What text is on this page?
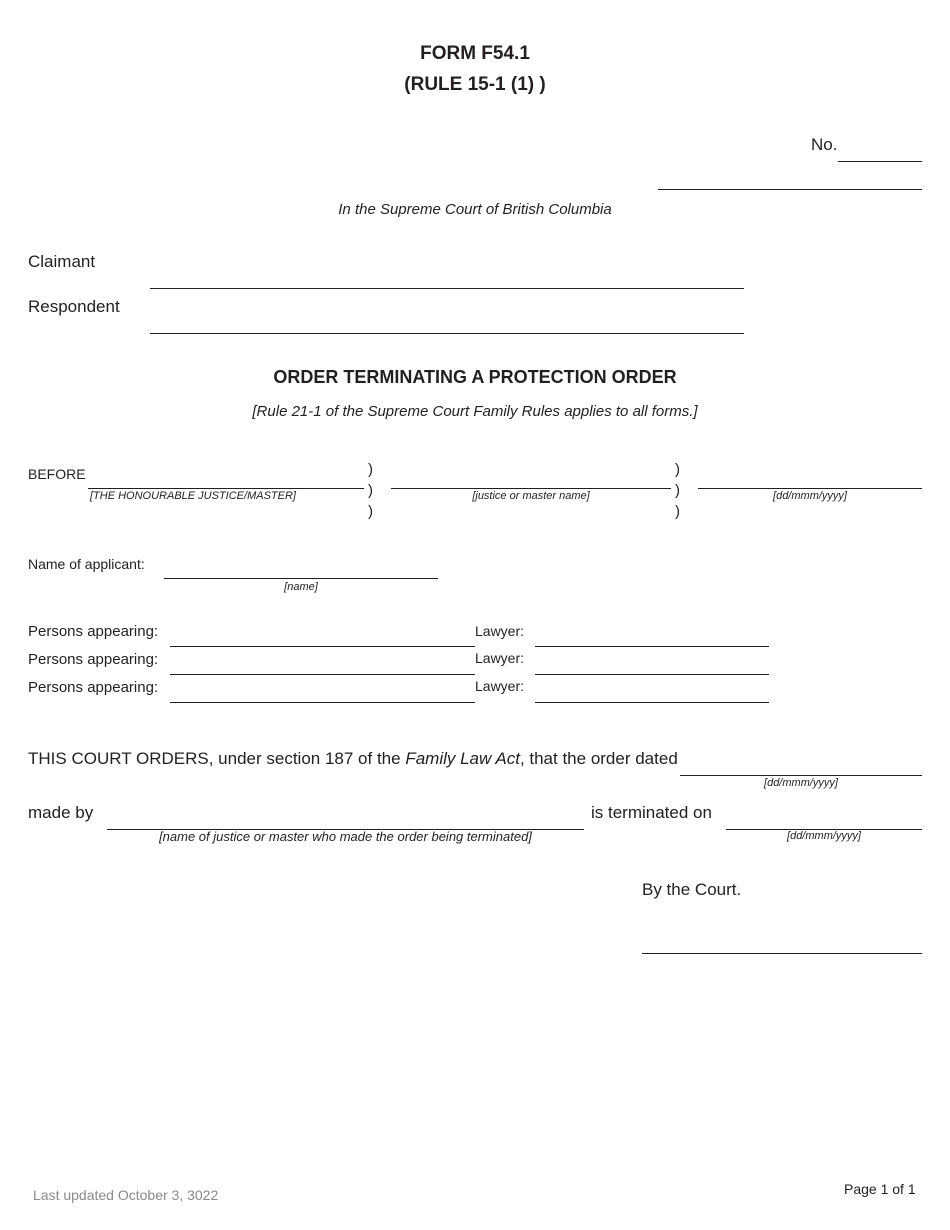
FORM F54.1
(RULE 15-1 (1) )
No.
In the Supreme Court of British Columbia
Claimant
Respondent
ORDER TERMINATING A PROTECTION ORDER
[Rule 21-1 of the Supreme Court Family Rules applies to all forms.]
BEFORE
[THE HONOURABLE JUSTICE/MASTER]
)
)
)
[justice or master name]
)
)
)
[dd/mmm/yyyy]
Name of applicant:
[name]
Persons appearing:	Lawyer:
Persons appearing:	Lawyer:
Persons appearing:	Lawyer:
THIS COURT ORDERS, under section 187 of the Family Law Act, that the order dated
[dd/mmm/yyyy]
made by
[name of justice or master who made the order being terminated]
is terminated on
[dd/mmm/yyyy]
By the Court.
Last updated October 3, 3022	Page 1 of 1
